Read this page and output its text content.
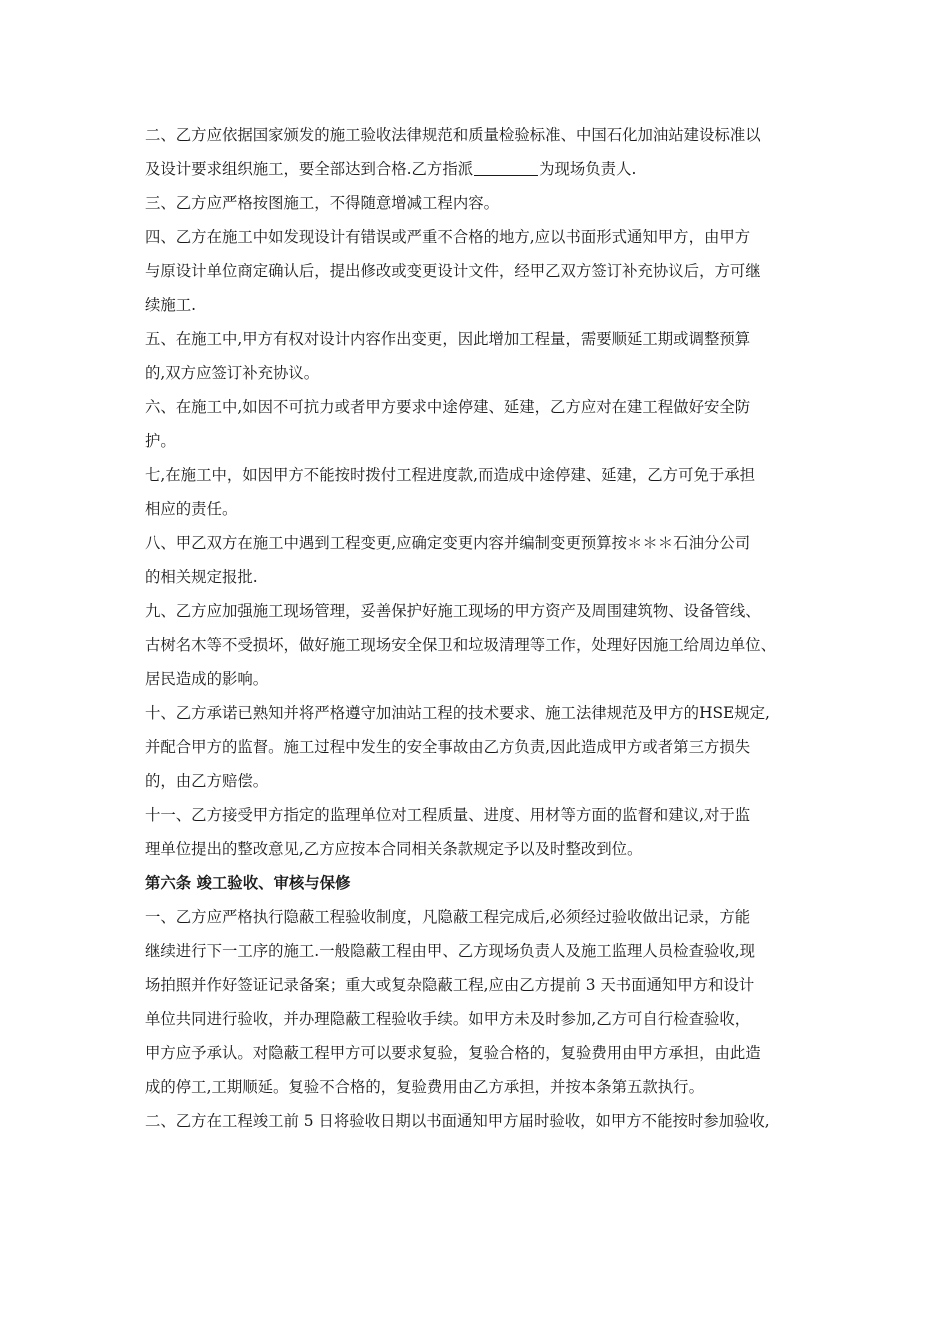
二、乙方应依据国家颁发的施工验收法律规范和质量检验标准、中国石化加油站建设标准以
及设计要求组织施工，要全部达到合格.乙方指派	为现场负责人.
三、乙方应严格按图施工，不得随意增减工程内容。
四、乙方在施工中如发现设计有错误或严重不合格的地方,应以书面形式通知甲方，由甲方
与原设计单位商定确认后，提出修改或变更设计文件，经甲乙双方签订补充协议后，方可继
续施工.
五、在施工中,甲方有权对设计内容作出变更，因此增加工程量，需要顺延工期或调整预算
的,双方应签订补充协议。
六、在施工中,如因不可抗力或者甲方要求中途停建、延建，乙方应对在建工程做好安全防
护。
七,在施工中，如因甲方不能按时拨付工程进度款,而造成中途停建、延建，乙方可免于承担
相应的责任。
八、甲乙双方在施工中遇到工程变更,应确定变更内容并编制变更预算按＊＊＊石油分公司
的相关规定报批.
九、乙方应加强施工现场管理，妥善保护好施工现场的甲方资产及周围建筑物、设备管线、
古树名木等不受损坏，做好施工现场安全保卫和垃圾清理等工作，处理好因施工给周边单位、
居民造成的影响。
十、乙方承诺已熟知并将严格遵守加油站工程的技术要求、施工法律规范及甲方的HSE规定,
并配合甲方的监督。施工过程中发生的安全事故由乙方负责,因此造成甲方或者第三方损失
的，由乙方赔偿。
十一、乙方接受甲方指定的监理单位对工程质量、进度、用材等方面的监督和建议,对于监
理单位提出的整改意见,乙方应按本合同相关条款规定予以及时整改到位。
第六条 竣工验收、审核与保修
一、乙方应严格执行隐蔽工程验收制度，凡隐蔽工程完成后,必须经过验收做出记录，方能
继续进行下一工序的施工.一般隐蔽工程由甲、乙方现场负责人及施工监理人员检查验收,现
场拍照并作好签证记录备案；重大或复杂隐蔽工程,应由乙方提前 3 天书面通知甲方和设计
单位共同进行验收，并办理隐蔽工程验收手续。如甲方未及时参加,乙方可自行检查验收，
甲方应予承认。对隐蔽工程甲方可以要求复验，复验合格的，复验费用由甲方承担，由此造
成的停工,工期顺延。复验不合格的，复验费用由乙方承担，并按本条第五款执行。
二、乙方在工程竣工前 5 日将验收日期以书面通知甲方届时验收，如甲方不能按时参加验收,
